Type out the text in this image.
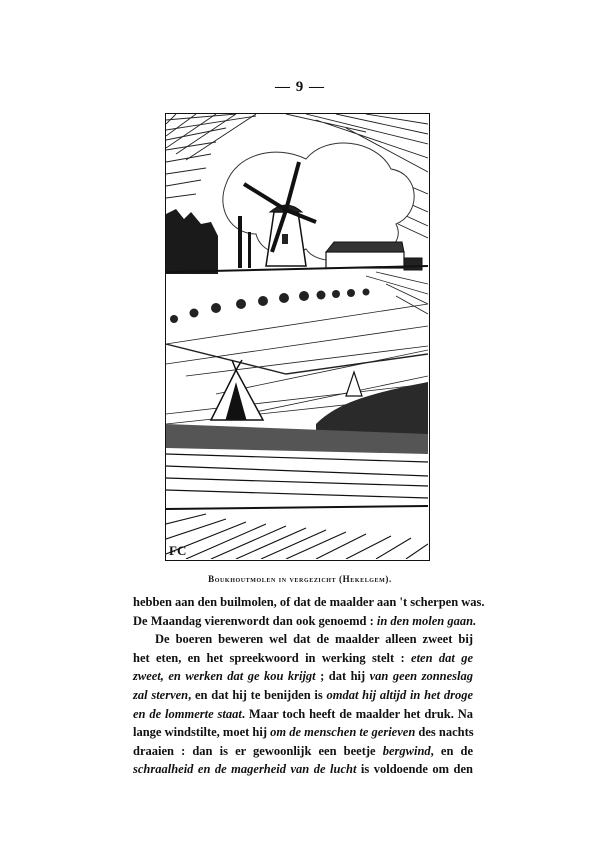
— 9 —
FC
Boukhoutmolen in vergezicht (Hekelgem).
hebben aan den builmolen, of dat de maalder aan 't scherpen was.
De Maandag vierenwordt dan ook genoemd : in den molen gaan.
De boeren beweren wel dat de maalder alleen zweet bij
het eten, en het spreekwoord in werking stelt : eten dat ge
zweet, en werken dat ge kou krijgt ; dat hij van geen zonneslag
zal sterven, en dat hij te benijden is omdat hij altijd in het droge
en de lommerte staat. Maar toch heeft de maalder het druk. Na
lange windstilte, moet hij om de menschen te gerieven des nachts
draaien : dan is er gewoonlijk een beetje bergwind, en de
schraalheid en de magerheid van de lucht is voldoende om den
